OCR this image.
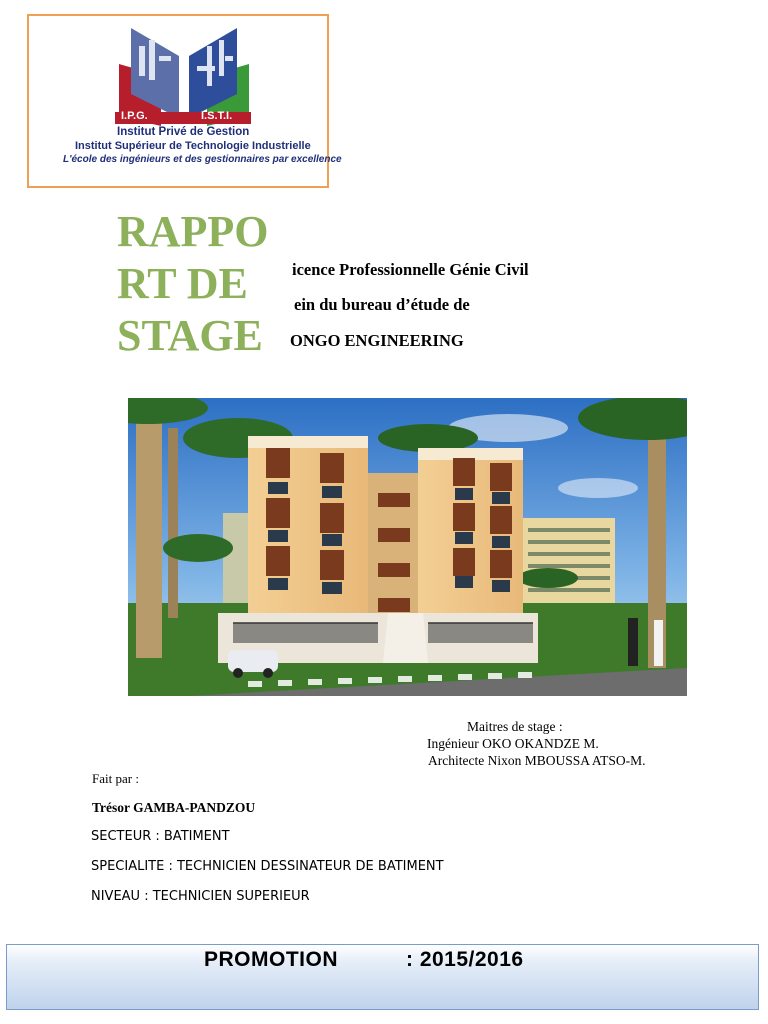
I.P.G.	I.S.T.I.
Institut Privé de Gestion
Institut Supérieur de Technologie Industrielle
L'école des ingénieurs et des gestionnaires par excellence
RAPPO
RT DE
STAGE
icence Professionnelle Génie Civil
ein du bureau d’étude de
ONGO ENGINEERING
Maitres de stage :
Ingénieur OKO OKANDZE M.
Architecte Nixon MBOUSSA ATSO-M.
Fait par :
Trésor GAMBA-PANDZOU
SECTEUR : BATIMENT
SPECIALITE : TECHNICIEN DESSINATEUR DE BATIMENT
NIVEAU : TECHNICIEN SUPERIEUR
PROMOTION	: 2015/2016
